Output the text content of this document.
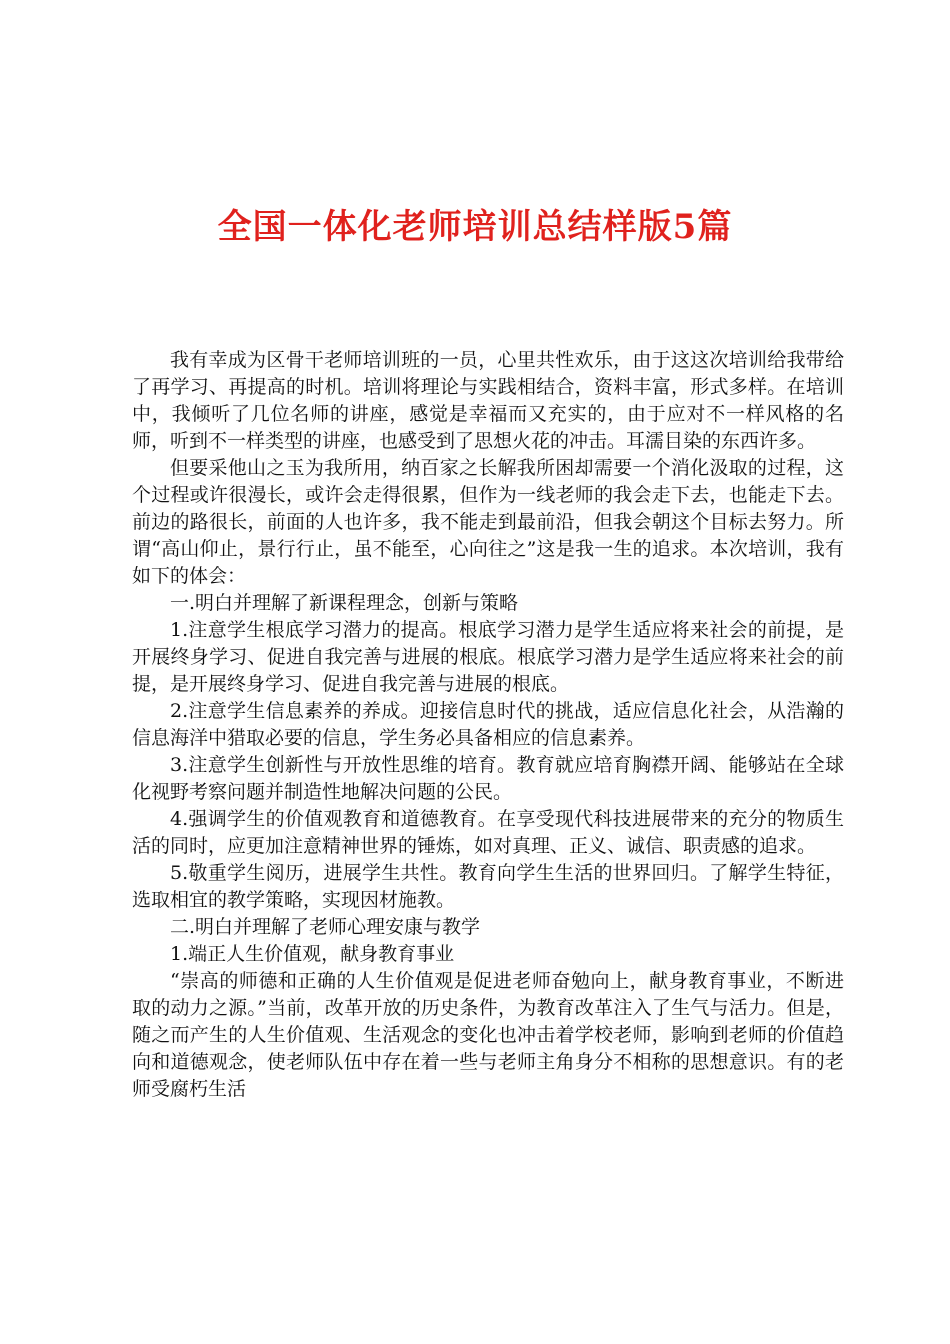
全国一体化老师培训总结样版5篇

我有幸成为区骨干老师培训班的一员，心里共性欢乐，由于这这次培训给我带给了再学习、再提高的时机。培训将理论与实践相结合，资料丰富，形式多样。在培训中，我倾听了几位名师的讲座，感觉是幸福而又充实的，由于应对不一样风格的名师，听到不一样类型的讲座，也感受到了思想火花的冲击。耳濡目染的东西许多。

但要采他山之玉为我所用，纳百家之长解我所困却需要一个消化汲取的过程，这个过程或许很漫长，或许会走得很累，但作为一线老师的我会走下去，也能走下去。前边的路很长，前面的人也许多，我不能走到最前沿，但我会朝这个目标去努力。所谓“高山仰止，景行行止，虽不能至，心向往之”这是我一生的追求。本次培训，我有如下的体会：

一.明白并理解了新课程理念，创新与策略

1.注意学生根底学习潜力的提高。根底学习潜力是学生适应将来社会的前提，是开展终身学习、促进自我完善与进展的根底。根底学习潜力是学生适应将来社会的前提，是开展终身学习、促进自我完善与进展的根底。

2.注意学生信息素养的养成。迎接信息时代的挑战，适应信息化社会，从浩瀚的信息海洋中猎取必要的信息，学生务必具备相应的信息素养。

3.注意学生创新性与开放性思维的培育。教育就应培育胸襟开阔、能够站在全球化视野考察问题并制造性地解决问题的公民。

4.强调学生的价值观教育和道德教育。在享受现代科技进展带来的充分的物质生活的同时，应更加注意精神世界的锤炼，如对真理、正义、诚信、职责感的追求。

5.敬重学生阅历，进展学生共性。教育向学生生活的世界回归。了解学生特征，选取相宜的教学策略，实现因材施教。

二.明白并理解了老师心理安康与教学

1.端正人生价值观，献身教育事业

“崇高的师德和正确的人生价值观是促进老师奋勉向上，献身教育事业，不断进取的动力之源。”当前，改革开放的历史条件，为教育改革注入了生气与活力。但是，随之而产生的人生价值观、生活观念的变化也冲击着学校老师，影响到老师的价值趋向和道德观念，使老师队伍中存在着一些与老师主角身分不相称的思想意识。有的老师受腐朽生活
